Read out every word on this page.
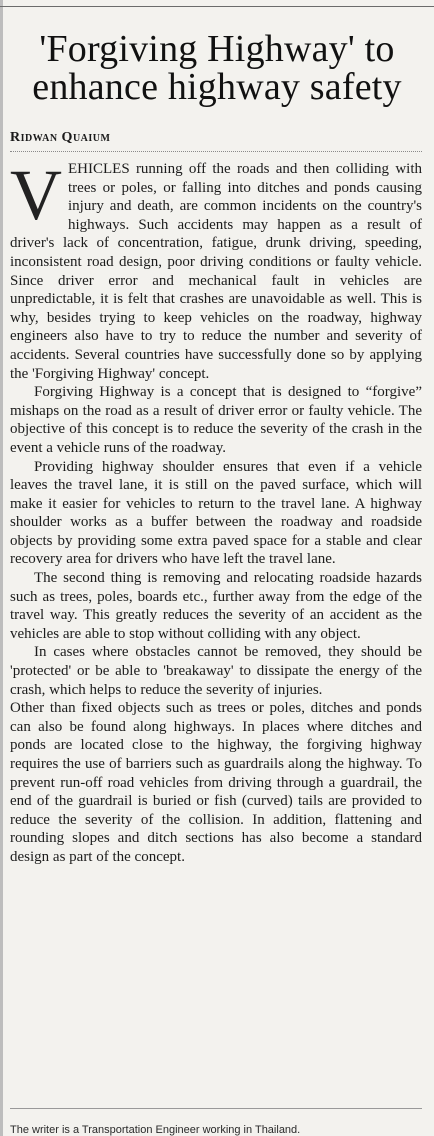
'Forgiving Highway' to enhance highway safety

Ridwan Quaium

VEHICLES running off the roads and then colliding with trees or poles, or falling into ditches and ponds causing injury and death, are common incidents on the country's highways. Such accidents may happen as a result of driver's lack of concentration, fatigue, drunk driving, speeding, inconsistent road design, poor driving conditions or faulty vehicle. Since driver error and mechanical fault in vehicles are unpredictable, it is felt that crashes are unavoidable as well. This is why, besides trying to keep vehicles on the roadway, highway engineers also have to try to reduce the number and severity of accidents. Several countries have successfully done so by applying the 'Forgiving Highway' concept.

Forgiving Highway is a concept that is designed to “forgive” mishaps on the road as a result of driver error or faulty vehicle. The objective of this concept is to reduce the severity of the crash in the event a vehicle runs of the roadway.

Providing highway shoulder ensures that even if a vehicle leaves the travel lane, it is still on the paved surface, which will make it easier for vehicles to return to the travel lane. A highway shoulder works as a buffer between the roadway and roadside objects by providing some extra paved space for a stable and clear recovery area for drivers who have left the travel lane.

The second thing is removing and relocating roadside hazards such as trees, poles, boards etc., further away from the edge of the travel way. This greatly reduces the severity of an accident as the vehicles are able to stop without colliding with any object.

In cases where obstacles cannot be removed, they should be 'protected' or be able to 'breakaway' to dissipate the energy of the crash, which helps to reduce the severity of injuries.

Other than fixed objects such as trees or poles, ditches and ponds can also be found along highways. In places where ditches and ponds are located close to the highway, the forgiving highway requires the use of barriers such as guardrails along the highway. To prevent run-off road vehicles from driving through a guardrail, the end of the guardrail is buried or fish (curved) tails are provided to reduce the severity of the collision. In addition, flattening and rounding slopes and ditch sections has also become a standard design as part of the concept.

The writer is a Transportation Engineer working in Thailand.
